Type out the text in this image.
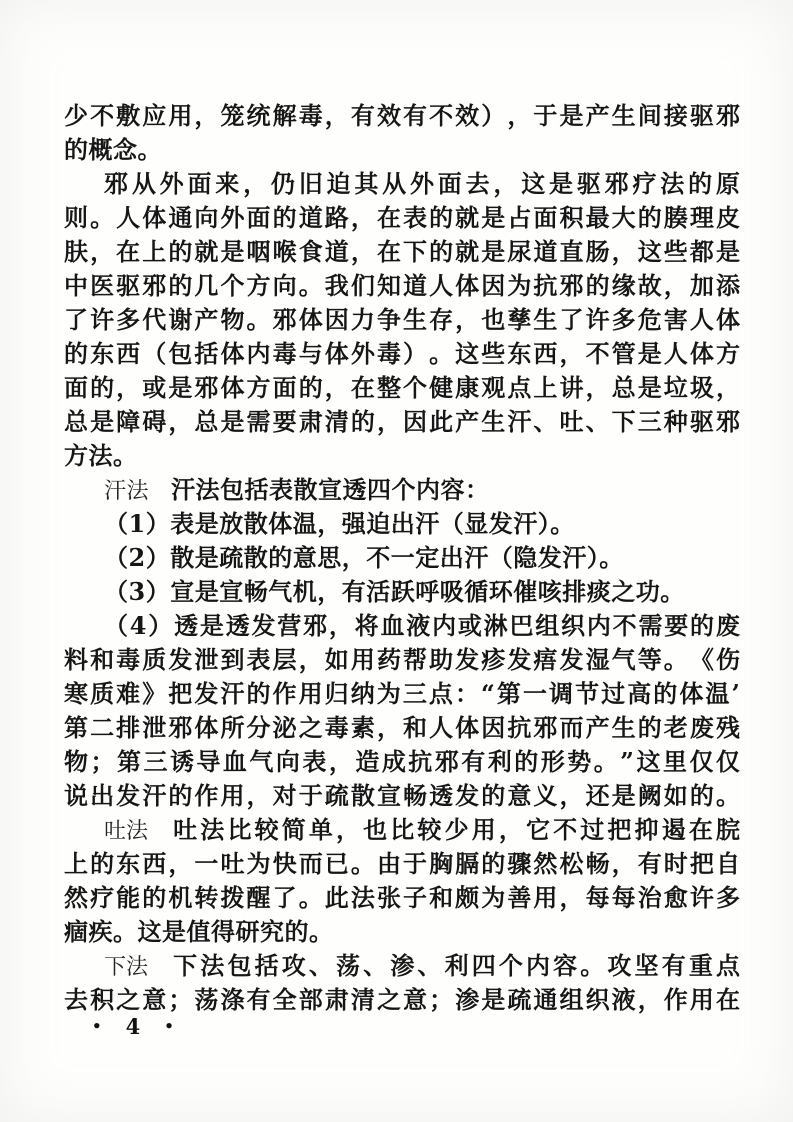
少 不 敷 应 用 ， 笼 统 解 毒 ， 有 效 有 不 效 ） ， 于 是 产 生 间 接 驱 邪
的概念。
邪 从 外 面 来 ， 仍 旧 迫 其 从 外 面 去 ， 这 是 驱 邪 疗 法 的 原
则 。 人 体 通 向 外 面 的 道 路 ， 在 表 的 就 是 占 面 积 最 大 的 腠 理 皮
肤 ， 在 上 的 就 是 咽 喉 食 道 ， 在 下 的 就 是 尿 道 直 肠 ， 这 些 都 是
中 医 驱 邪 的 几 个 方 向 。 我 们 知 道 人 体 因 为 抗 邪 的 缘 故 ， 加 添
了 许 多 代 谢 产 物 。 邪 体 因 力 争 生 存 ， 也 孳 生 了 许 多 危 害 人 体
的 东 西 （ 包 括 体 内 毒 与 体 外 毒 ） 。 这 些 东 西 ， 不 管 是 人 体 方
面 的 ， 或 是 邪 体 方 面 的 ， 在 整 个 健 康 观 点 上 讲 ， 总 是 垃 圾 ，
总 是 障 碍 ， 总 是 需 要 肃 清 的 ， 因 此 产 生 汗 、 吐 、 下 三 种 驱 邪
方法。
汗法 汗法包括表散宣透四个内容：
（1）表是放散体温，强迫出汗（显发汗）。
（2）散是疏散的意思，不一定出汗（隐发汗）。
（3）宣是宣畅气机，有活跃呼吸循环催咳排痰之功。
（ 4 ） 透 是 透 发 营 邪 ， 将 血 液 内 或 淋 巴 组 织 内 不 需 要 的 废
料 和 毒 质 发 泄 到 表 层 ， 如 用 药 帮 助 发 疹 发 痦 发 湿 气 等 。 《 伤
寒 质 难 》 把 发 汗 的 作 用 归 纳 为 三 点 ： “ 第 一 调 节 过 高 的 体 温 ’
第 二 排 泄 邪 体 所 分 泌 之 毒 素 ， 和 人 体 因 抗 邪 而 产 生 的 老 废 残
物 ； 第 三 诱 导 血 气 向 表 ， 造 成 抗 邪 有 利 的 形 势 。 ” 这 里 仅 仅
说 出 发 汗 的 作 用 ， 对 于 疏 散 宣 畅 透 发 的 意 义 ， 还 是 阙 如 的 。
吐法 吐 法 比 较 简 单 ， 也 比 较 少 用 ， 它 不 过 把 抑 遏 在 脘
上 的 东 西 ， 一 吐 为 快 而 已 。 由 于 胸 膈 的 骤 然 松 畅 ， 有 时 把 自
然 疗 能 的 机 转 拨 醒 了 。 此 法 张 子 和 颇 为 善 用 ， 每 每 治 愈 许 多
痼疾。这是值得研究的。
下法 下 法 包 括 攻 、 荡 、 渗 、 利 四 个 内 容 。 攻 坚 有 重 点
去 积 之 意 ； 荡 涤 有 全 部 肃 清 之 意 ； 渗 是 疏 通 组 织 液 ， 作 用 在
• 4 •
